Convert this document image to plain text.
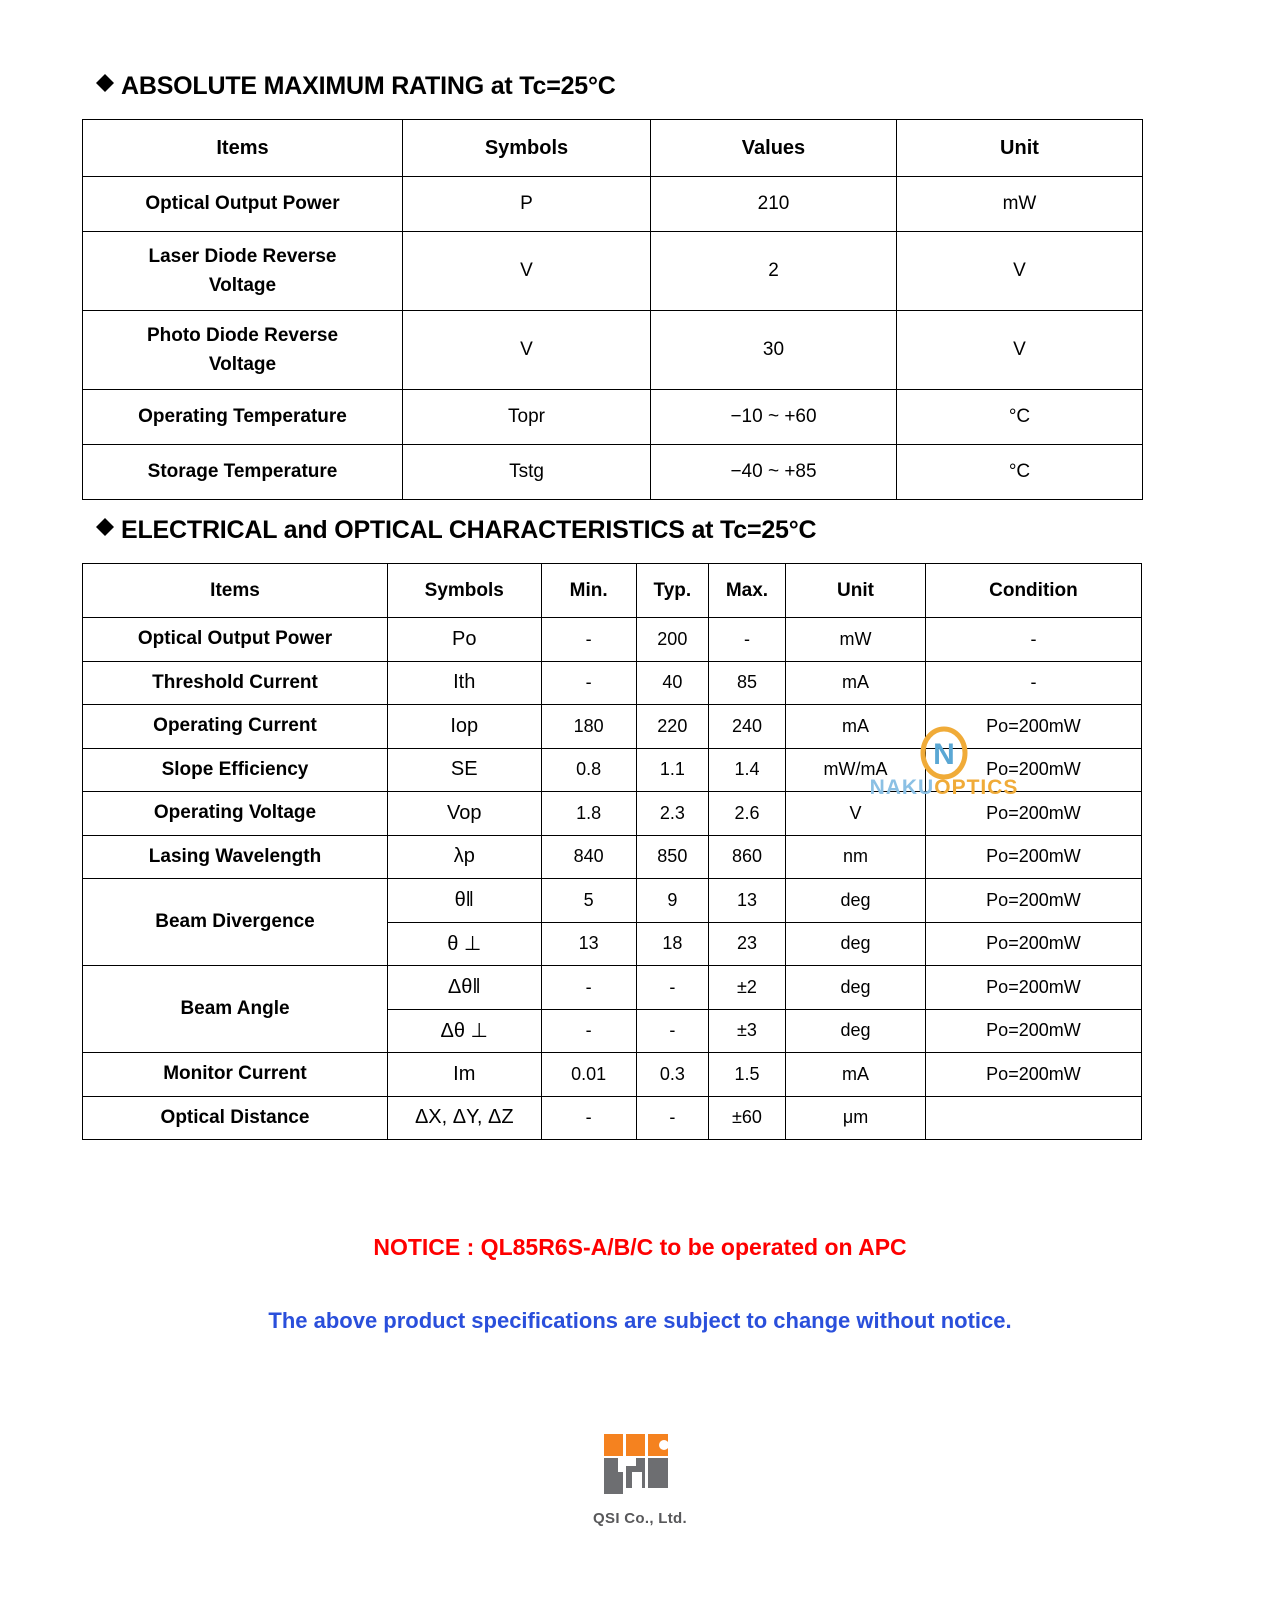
ABSOLUTE MAXIMUM RATING at Tc=25°C
Items	Symbols	Values	Unit
Optical Output Power	P	210	mW

Laser Diode Reverse
Voltage	V	2	V

Photo Diode Reverse
Voltage	V	30	V
Operating Temperature	Topr	−10 ~ +60	°C
Storage Temperature	Tstg	−40 ~ +85	°C
ELECTRICAL and OPTICAL CHARACTERISTICS at Tc=25°C
Items	Symbols	Min.	Typ.	Max.	Unit	Condition
Optical Output Power	Po	-	200	-	mW	-
Threshold Current	Ith	-	40	85	mA	-
Operating Current	Iop	180	220	240	mA	Po=200mW
Slope Efficiency	SE	0.8	1.1	1.4	mW/mA	Po=200mW
Operating Voltage	Vop	1.8	2.3	2.6	V	Po=200mW
Lasing Wavelength	λp	840	850	860	nm	Po=200mW
Beam Divergence	θ‖	5	9	13	deg	Po=200mW
	θ ⊥	13	18	23	deg	Po=200mW
Beam Angle	Δθ‖	-	-	±2	deg	Po=200mW
	Δθ ⊥	-	-	±3	deg	Po=200mW
Monitor Current	Im	0.01	0.3	1.5	mA	Po=200mW
Optical Distance	ΔX, ΔY, ΔZ	-	-	±60	μm	
N
NAKUOPTICS
NOTICE : QL85R6S-A/B/C to be operated on APC
The above product specifications are subject to change without notice.
QSI Co., Ltd.
